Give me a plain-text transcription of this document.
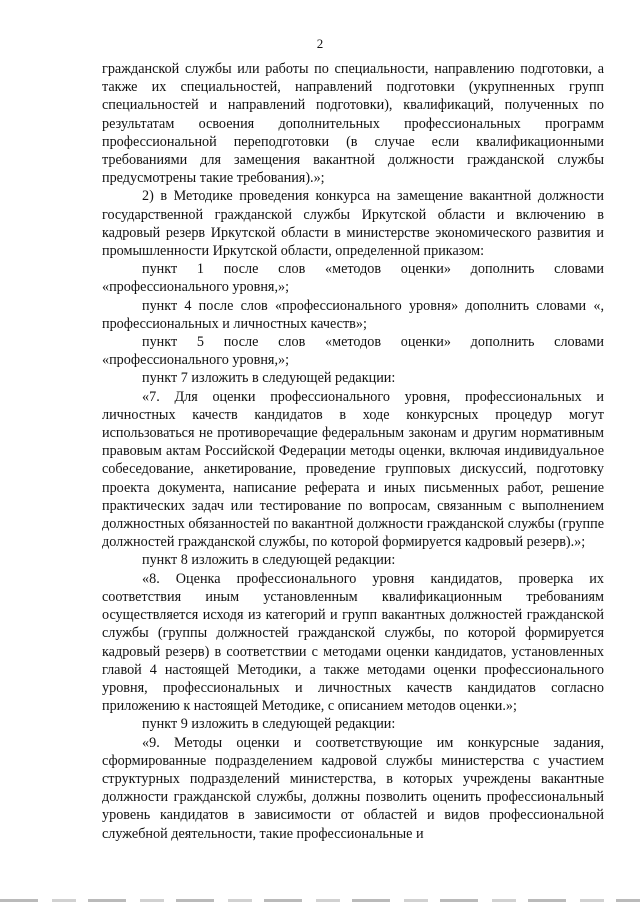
2

гражданской службы или работы по специальности, направлению подготовки, а также их специальностей, направлений подготовки (укрупненных групп специальностей и направлений подготовки), квалификаций, полученных по результатам освоения дополнительных профессиональных программ профессиональной переподготовки (в случае если квалификационными требованиями для замещения вакантной должности гражданской службы предусмотрены такие требования).»;

2) в Методике проведения конкурса на замещение вакантной должности государственной гражданской службы Иркутской области и включению в кадровый резерв Иркутской области в министерстве экономического развития и промышленности Иркутской области, определенной приказом:

пункт 1 после слов «методов оценки» дополнить словами «профессионального уровня,»;

пункт 4 после слов «профессионального уровня» дополнить словами «, профессиональных и личностных качеств»;

пункт 5 после слов «методов оценки» дополнить словами «профессионального уровня,»;

пункт 7 изложить в следующей редакции:

«7. Для оценки профессионального уровня, профессиональных и личностных качеств кандидатов в ходе конкурсных процедур могут использоваться не противоречащие федеральным законам и другим нормативным правовым актам Российской Федерации методы оценки, включая индивидуальное собеседование, анкетирование, проведение групповых дискуссий, подготовку проекта документа, написание реферата и иных письменных работ, решение практических задач или тестирование по вопросам, связанным с выполнением должностных обязанностей по вакантной должности гражданской службы (группе должностей гражданской службы, по которой формируется кадровый резерв).»;

пункт 8 изложить в следующей редакции:

«8. Оценка профессионального уровня кандидатов, проверка их соответствия иным установленным квалификационным требованиям осуществляется исходя из категорий и групп вакантных должностей гражданской службы (группы должностей гражданской службы, по которой формируется кадровый резерв) в соответствии с методами оценки кандидатов, установленных главой 4 настоящей Методики, а также методами оценки профессионального уровня, профессиональных и личностных качеств кандидатов согласно приложению к настоящей Методике, с описанием методов оценки.»;

пункт 9 изложить в следующей редакции:

«9. Методы оценки и соответствующие им конкурсные задания, сформированные подразделением кадровой службы министерства с участием структурных подразделений министерства, в которых учреждены вакантные должности гражданской службы, должны позволить оценить профессиональный уровень кандидатов в зависимости от областей и видов профессиональной служебной деятельности, такие профессиональные и
